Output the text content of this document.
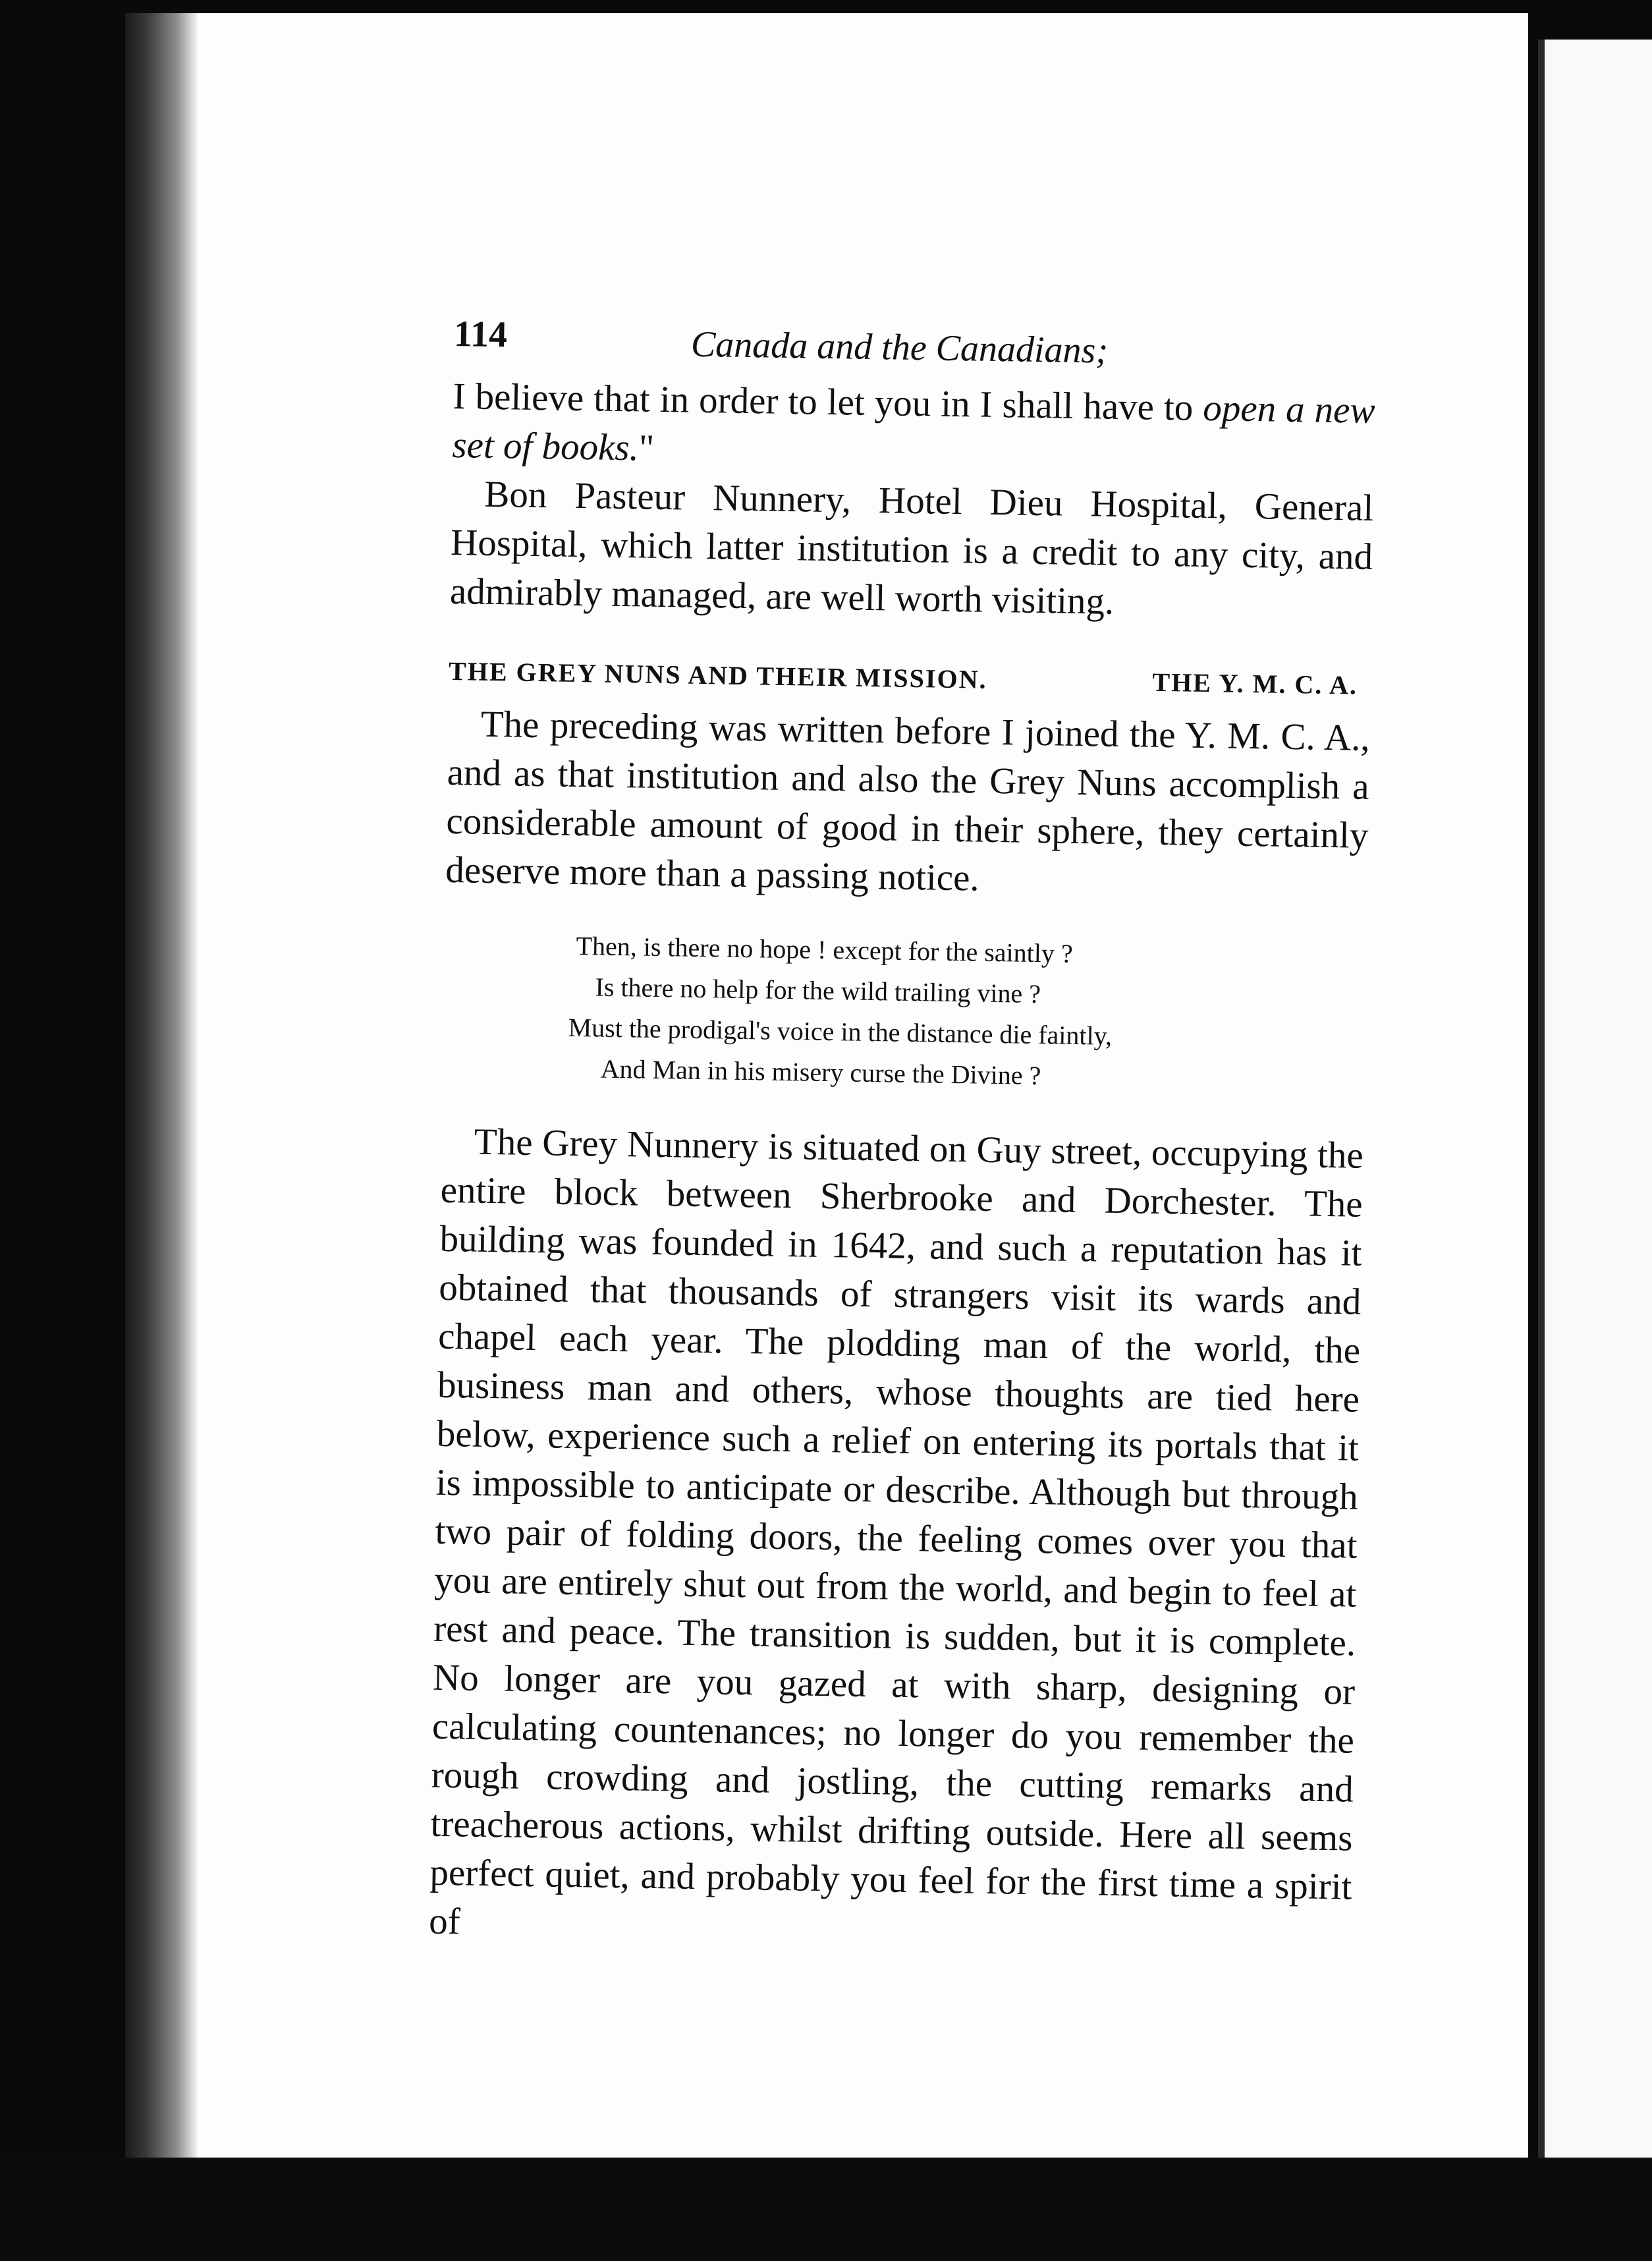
114	Canada and the Canadians;

I believe that in order to let you in I shall have to open a new set of books."

Bon Pasteur Nunnery, Hotel Dieu Hospital, General Hospital, which latter institution is a credit to any city, and admirably managed, are well worth visiting.

THE GREY NUNS AND THEIR MISSION.	THE Y. M. C. A.

The preceding was written before I joined the Y. M. C. A., and as that institution and also the Grey Nuns accomplish a considerable amount of good in their sphere, they certainly deserve more than a passing notice.

Then, is there no hope ! except for the saintly ?
Is there no help for the wild trailing vine ?
Must the prodigal's voice in the distance die faintly,
And Man in his misery curse the Divine ?

The Grey Nunnery is situated on Guy street, occupying the entire block between Sherbrooke and Dorchester. The building was founded in 1642, and such a reputation has it obtained that thousands of strangers visit its wards and chapel each year. The plodding man of the world, the business man and others, whose thoughts are tied here below, experience such a relief on entering its portals that it is impossible to anticipate or describe. Although but through two pair of folding doors, the feeling comes over you that you are entirely shut out from the world, and begin to feel at rest and peace. The transition is sudden, but it is complete. No longer are you gazed at with sharp, designing or calculating countenances; no longer do you remember the rough crowding and jostling, the cutting remarks and treacherous actions, whilst drifting outside. Here all seems perfect quiet, and probably you feel for the first time a spirit of
